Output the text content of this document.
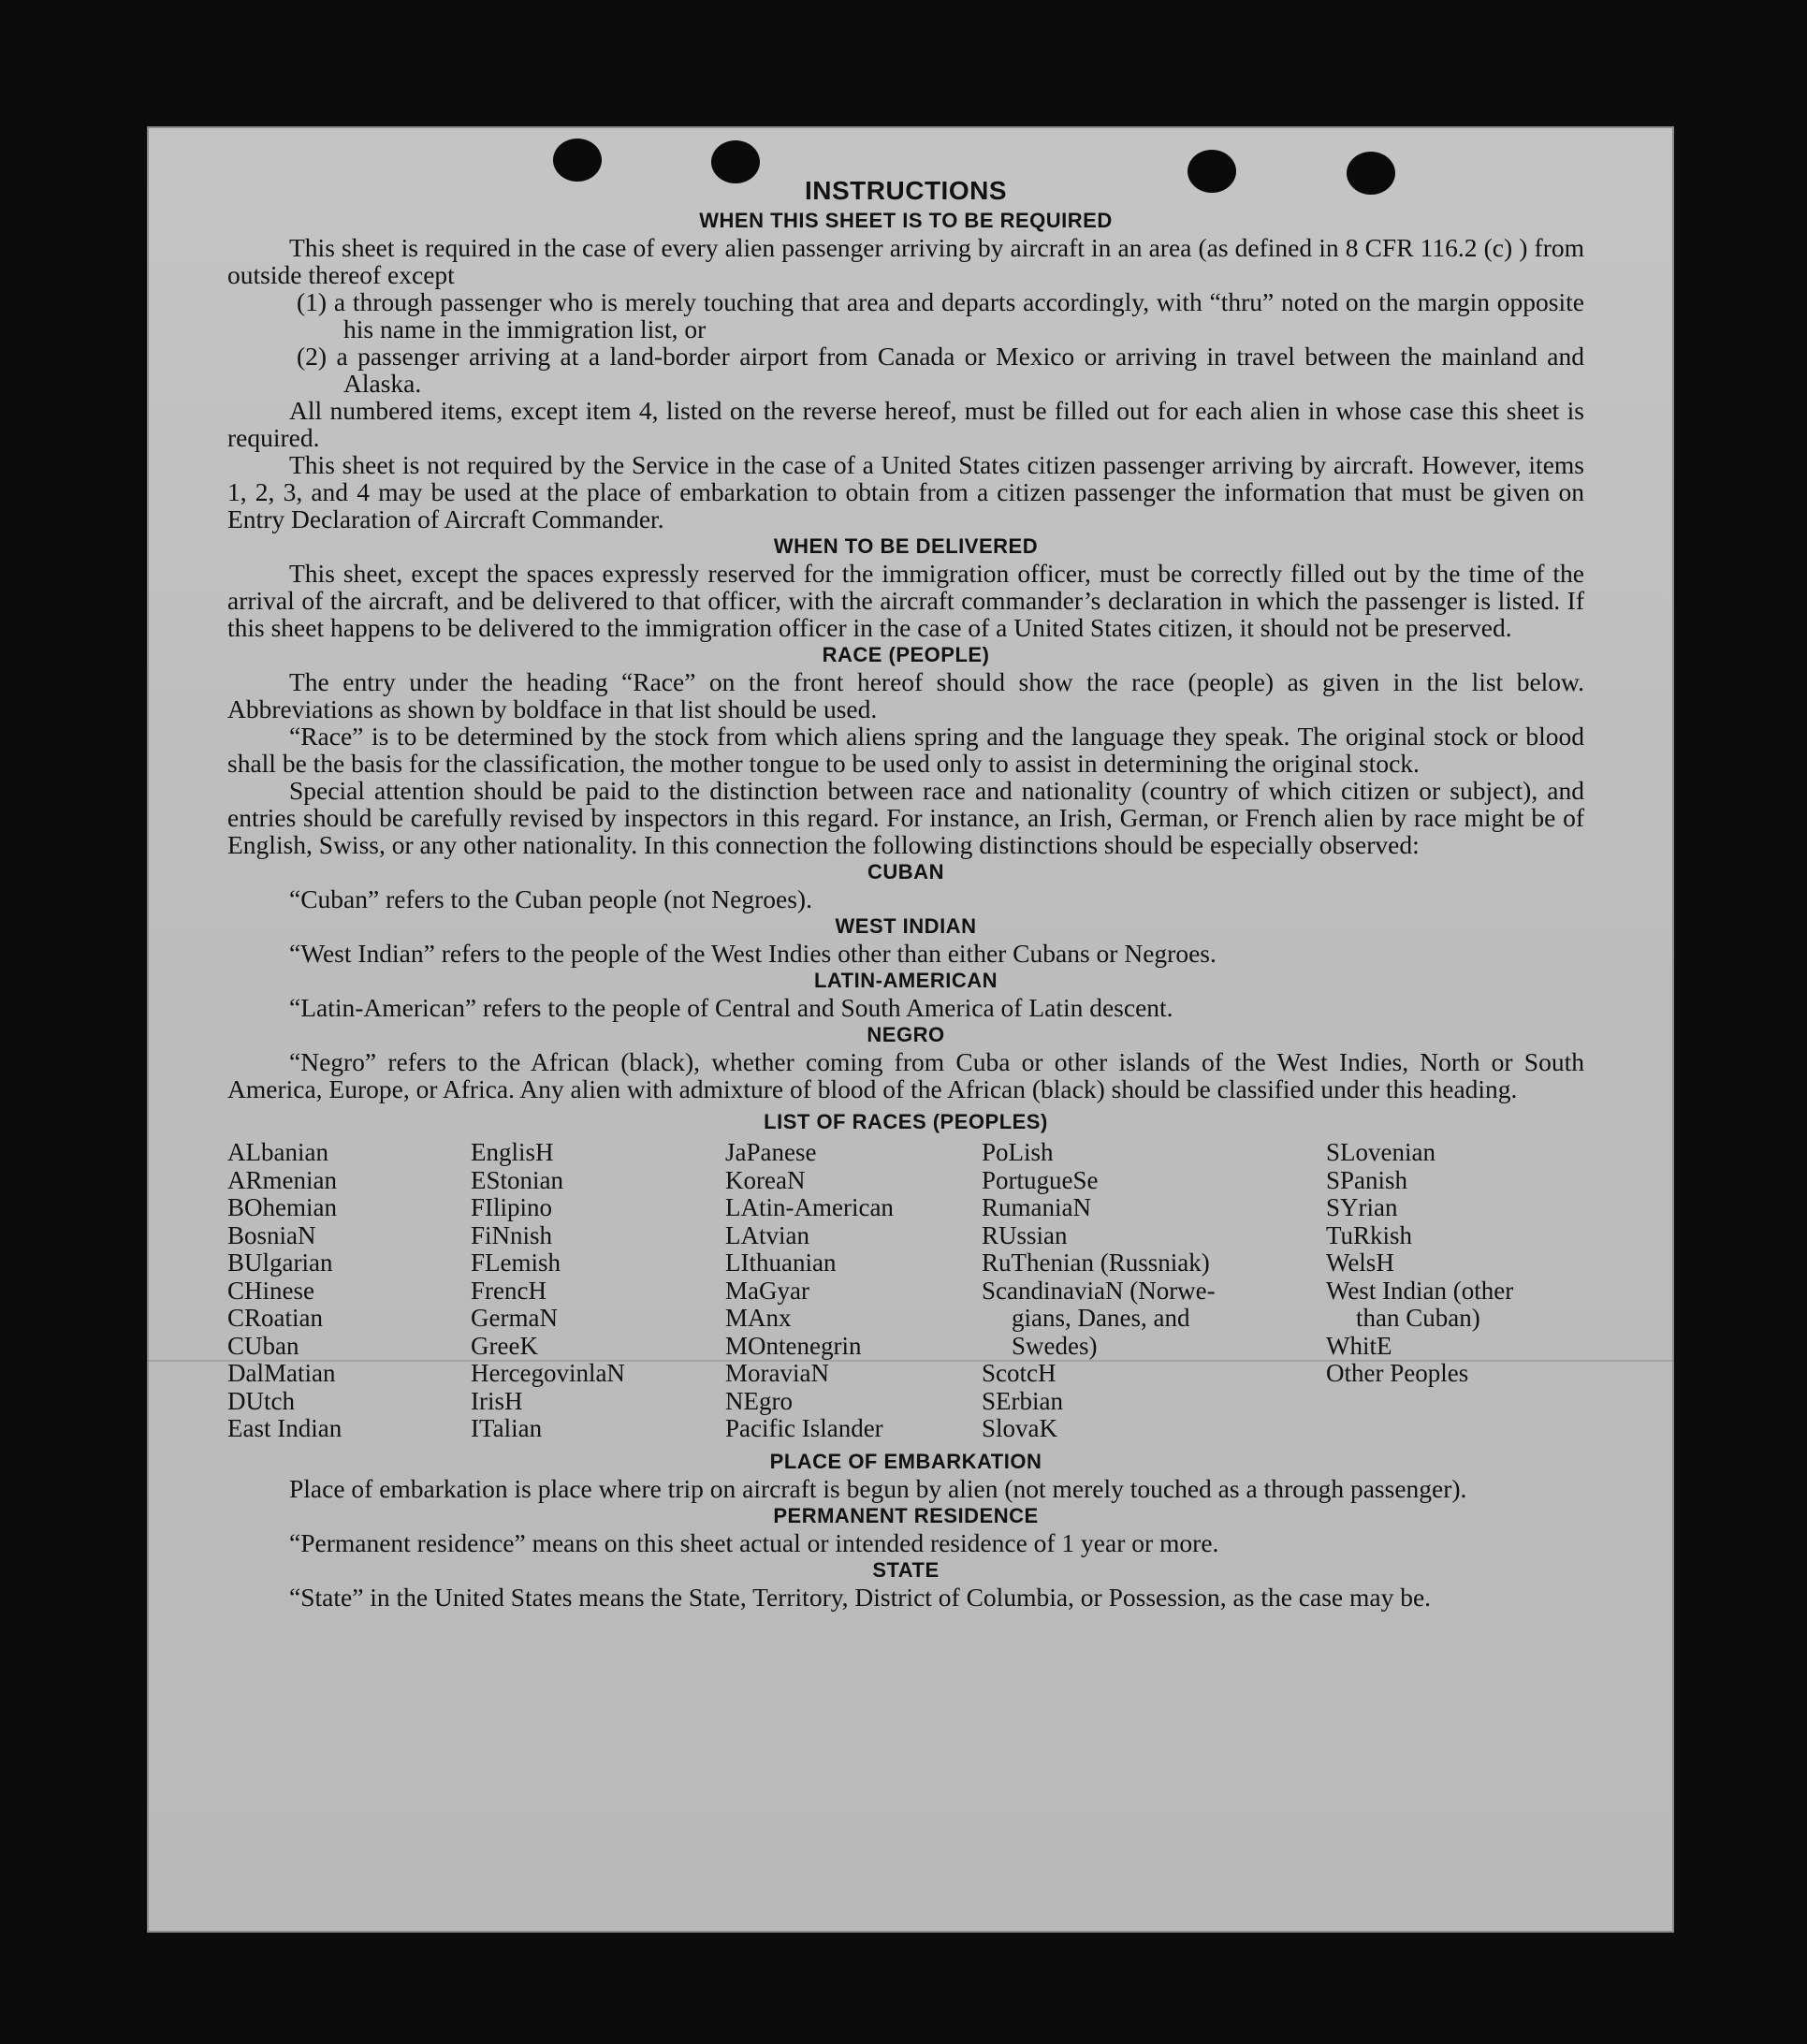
INSTRUCTIONS
WHEN THIS SHEET IS TO BE REQUIRED

This sheet is required in the case of every alien passenger arriving by aircraft in an area (as defined in 8 CFR 116.2 (c) ) from outside thereof except

(1) a through passenger who is merely touching that area and departs accordingly, with “thru” noted on the margin opposite his name in the immigration list, or

(2) a passenger arriving at a land-border airport from Canada or Mexico or arriving in travel between the mainland and Alaska.

All numbered items, except item 4, listed on the reverse hereof, must be filled out for each alien in whose case this sheet is required.

This sheet is not required by the Service in the case of a United States citizen passenger arriving by aircraft. However, items 1, 2, 3, and 4 may be used at the place of embarkation to obtain from a citizen passenger the information that must be given on Entry Declaration of Aircraft Commander.

WHEN TO BE DELIVERED

This sheet, except the spaces expressly reserved for the immigration officer, must be correctly filled out by the time of the arrival of the aircraft, and be delivered to that officer, with the aircraft commander’s declaration in which the passenger is listed. If this sheet happens to be delivered to the immigration officer in the case of a United States citizen, it should not be preserved.

RACE (PEOPLE)

The entry under the heading “Race” on the front hereof should show the race (people) as given in the list below. Abbreviations as shown by boldface in that list should be used.

“Race” is to be determined by the stock from which aliens spring and the language they speak. The original stock or blood shall be the basis for the classification, the mother tongue to be used only to assist in determining the original stock.

Special attention should be paid to the distinction between race and nationality (country of which citizen or subject), and entries should be carefully revised by inspectors in this regard. For instance, an Irish, German, or French alien by race might be of English, Swiss, or any other nationality. In this connection the following distinctions should be especially observed:

CUBAN

“Cuban” refers to the Cuban people (not Negroes).

WEST INDIAN

“West Indian” refers to the people of the West Indies other than either Cubans or Negroes.

LATIN-AMERICAN

“Latin-American” refers to the people of Central and South America of Latin descent.

NEGRO

“Negro” refers to the African (black), whether coming from Cuba or other islands of the West Indies, North or South America, Europe, or Africa. Any alien with admixture of blood of the African (black) should be classified under this heading.

LIST OF RACES (PEOPLES)
ALbanian
ARmenian
BOhemian
BosniaN
BUlgarian
CHinese
CRoatian
CUban
DalMatian
DUtch
East Indian
EnglisH
EStonian
FIlipino
FiNnish
FLemish
FrencH
GermaN
GreeK
HercegovinlaN
IrisH
ITalian
JaPanese
KoreaN
LAtin-American
LAtvian
LIthuanian
MaGyar
MAnx
MOntenegrin
MoraviaN
NEgro
Pacific Islander
PoLish
PortugueSe
RumaniaN
RUssian
RuThenian (Russniak)
ScandinaviaN (Norwe-
gians, Danes, and
Swedes)
ScotcH
SErbian
SlovaK
SLovenian
SPanish
SYrian
TuRkish
WelsH
West Indian (other
than Cuban)
WhitE
Other Peoples
PLACE OF EMBARKATION

Place of embarkation is place where trip on aircraft is begun by alien (not merely touched as a through passenger).

PERMANENT RESIDENCE

“Permanent residence” means on this sheet actual or intended residence of 1 year or more.

STATE

“State” in the United States means the State, Territory, District of Columbia, or Possession, as the case may be.
